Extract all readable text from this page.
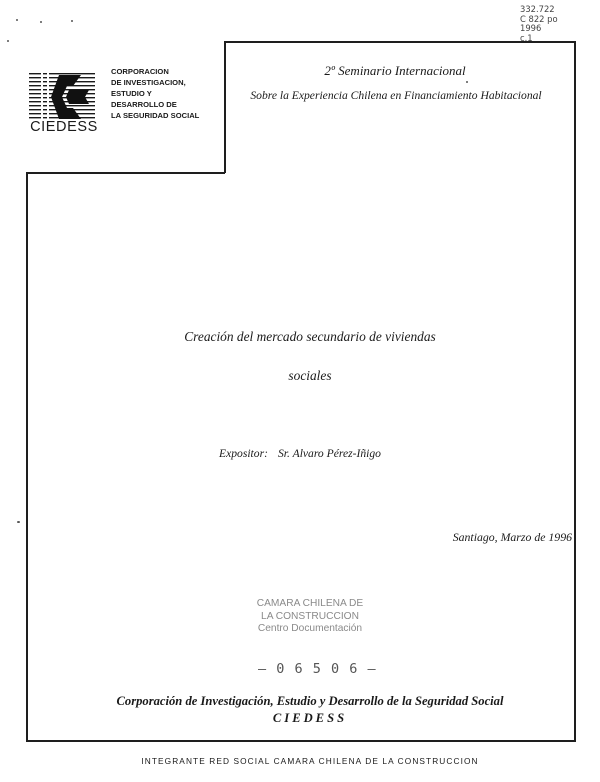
CIEDESS
CORPORACION
DE INVESTIGACION,
ESTUDIO Y
DESARROLLO DE
LA SEGURIDAD SOCIAL
2º Seminario Internacional
Sobre la Experiencia Chilena en Financiamiento Habitacional
Creación del mercado secundario de viviendas
sociales
Expositor: Sr. Alvaro Pérez-Iñigo
Santiago, Marzo de 1996
CAMARA CHILENA DE
LA CONSTRUCCION
Centro Documentación
– 0 6 5 0 6 –
Corporación de Investigación, Estudio y Desarrollo de la Seguridad Social
CIEDESS
INTEGRANTE RED SOCIAL CAMARA CHILENA DE LA CONSTRUCCION
332.722
C 822 po
1996
c.1
